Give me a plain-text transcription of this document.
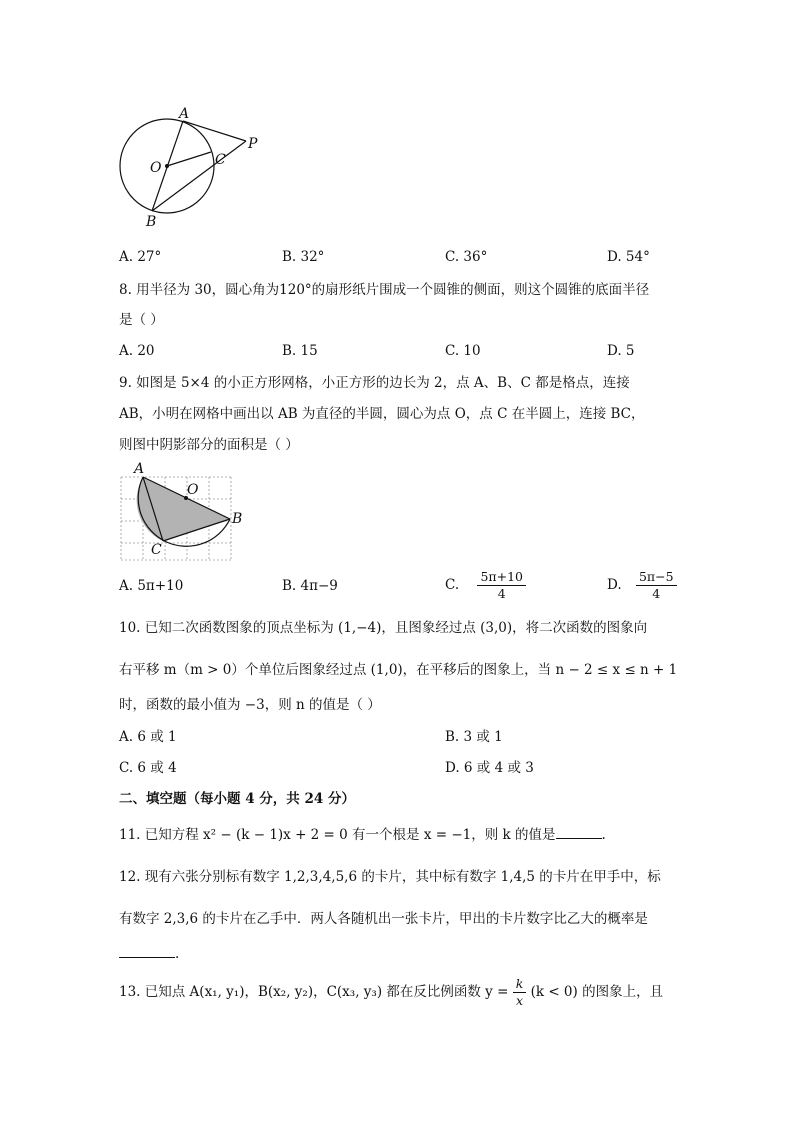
A
P
O	C
B
A. 27°	B. 32°	C. 36°	D. 54°
8. 用半径为 30，圆心角为120°的扇形纸片围成一个圆锥的侧面，则这个圆锥的底面半径
是（ ）
A. 20	B. 15	C. 10	D. 5
9. 如图是 5×4 的小正方形网格，小正方形的边长为 2，点 A、B、C 都是格点，连接
AB，小明在网格中画出以 AB 为直径的半圆，圆心为点 O，点 C 在半圆上，连接 BC，
则图中阴影部分的面积是（ ）
A
O
B
C
A. 5π+10	B. 4π−9	C. $\frac{5\pi+10}{4}$	D. $\frac{5\pi-5}{4}$
10. 已知二次函数图象的顶点坐标为 (1,−4)，且图象经过点 (3,0)，将二次函数的图象向
右平移 m（m > 0）个单位后图象经过点 (1,0)，在平移后的图象上，当 n − 2 ≤ x ≤ n + 1
时，函数的最小值为 −3，则 n 的值是（ ）
A. 6 或 1	B. 3 或 1
C. 6 或 4	D. 6 或 4 或 3
二、填空题（每小题 4 分，共 24 分）
11. 已知方程 x² − (k − 1)x + 2 = 0 有一个根是 x = −1，则 k 的值是	.
12. 现有六张分别标有数字 1,2,3,4,5,6 的卡片，其中标有数字 1,4,5 的卡片在甲手中，标
有数字 2,3,6 的卡片在乙手中．两人各随机出一张卡片，甲出的卡片数字比乙大的概率是
.
13. 已知点 A(x₁, y₁)，B(x₂, y₂)，C(x₃, y₃) 都在反比例函数 $y = \frac{k}{x} (k < 0)$ 的图象上，且
